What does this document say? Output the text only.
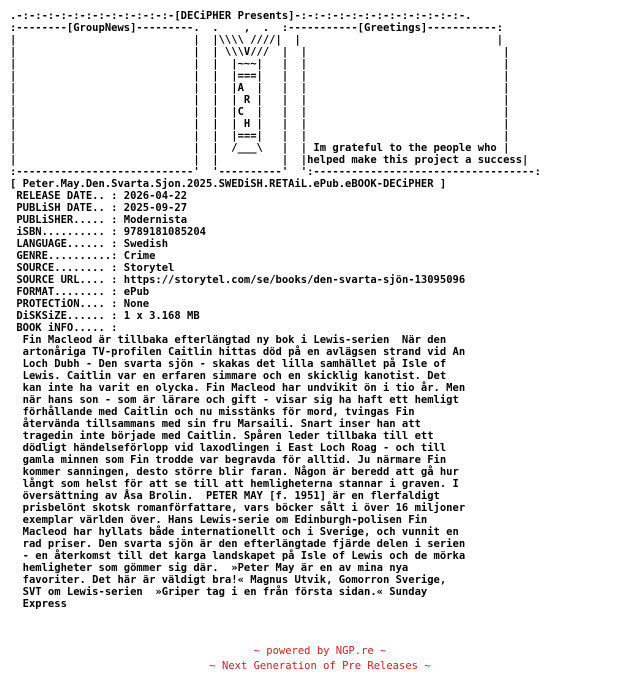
.-:-:-:-:-:-:-:-:-:-:-:-:-[DECiPHER Presents]-:-:-:-:-:-:-:-:-:-:-:-:-:-.
:--------[GroupNews]---------.  .    ,  .  :-----------[Greetings]-----------:
|                            |  |\\\\ ////|  |                               |
|                            |  | \\\V///  |  |                               |
|                            |  |  |~~~|   |  |                               |
|                            |  |  |===|   |  |                               |
|                            |  |  |A  |   |  |                               |
|                            |  |  | R |   |  |                               |
|                            |  |  |C  |   |  |                               |
|                            |  |  | H |   |  |                               |
|                            |  |  |===|   |  |                               |
|                            |  |  /___\   |  | Im grateful to the people who |
|                            |  |          |  |helped make this project a success|
:----------------------------'  '----------'  ':-----------------------------------:
[ Peter.May.Den.Svarta.Sjon.2025.SWEDiSH.RETAiL.ePub.eBOOK-DECiPHER ]
RELEASE DATE.. : 2026-04-22
PUBLiSH DATE.. : 2025-09-27
PUBLiSHER..... : Modernista
iSBN.......... : 9789181085204
LANGUAGE...... : Swedish
GENRE..........: Crime
SOURCE........ : Storytel
SOURCE URL.... : https://storytel.com/se/books/den-svarta-sjön-13095096
FORMAT........ : ePub
PROTECTiON.... : None
DiSKSiZE...... : 1 x 3.168 MB
BOOK iNFO..... :
Fin Macleod är tillbaka efterlängtad ny bok i Lewis-serien  När den
artonåriga TV-profilen Caitlin hittas död på en avlägsen strand vid An
Loch Dubh - Den svarta sjön - skakas det lilla samhället på Isle of
Lewis. Caitlin var en erfaren simmare och en skicklig kanotist. Det
kan inte ha varit en olycka. Fin Macleod har undvikit ön i tio år. Men
när hans son - som är lärare och gift - visar sig ha haft ett hemligt
förhållande med Caitlin och nu misstänks för mord, tvingas Fin
återvända tillsammans med sin fru Marsaili. Snart inser han att
tragedin inte började med Caitlin. Spåren leder tillbaka till ett
dödligt händelseförlopp vid laxodlingen i East Loch Roag - och till
gamla minnen som Fin trodde var begravda för alltid. Ju närmare Fin
kommer sanningen, desto större blir faran. Någon är beredd att gå hur
långt som helst för att se till att hemligheterna stannar i graven. I
översättning av Åsa Brolin.  PETER MAY [f. 1951] är en flerfaldigt
prisbelönt skotsk romanförfattare, vars böcker sålt i över 16 miljoner
exemplar världen över. Hans Lewis-serie om Edinburgh-polisen Fin
Macleod har hyllats både internationellt och i Sverige, och vunnit en
rad priser. Den svarta sjön är den efterlängtade fjärde delen i serien
- en återkomst till det karga landskapet på Isle of Lewis och de mörka
hemligheter som gömmer sig där.  »Peter May är en av mina nya
favoriter. Det här är väldigt bra!« Magnus Utvik, Gomorron Sverige,
SVT om Lewis-serien  »Griper tag i en från första sidan.« Sunday
Express
~ powered by NGP.re ~
~ Next Generation of Pre Releases ~
